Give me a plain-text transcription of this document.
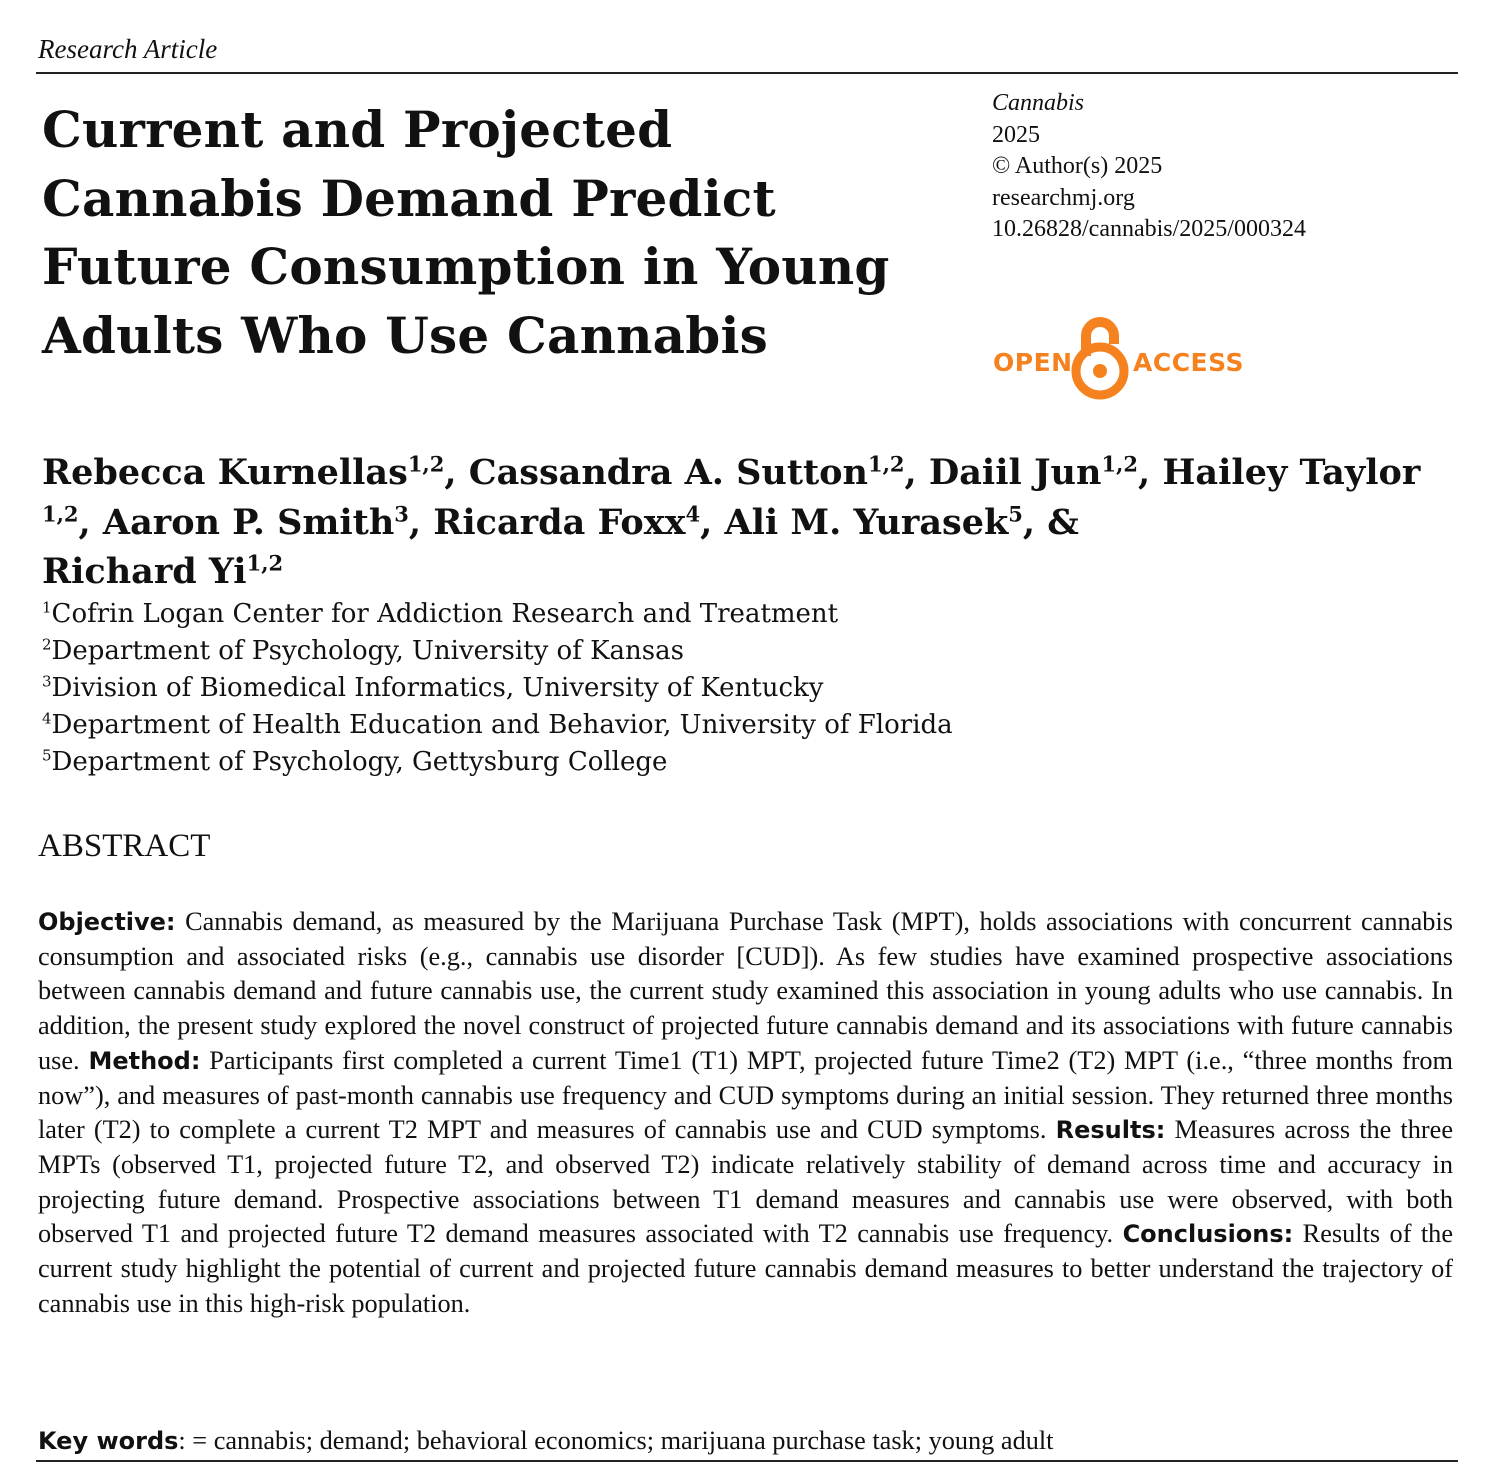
Research Article
Current and Projected
Cannabis Demand Predict
Future Consumption in Young
Adults Who Use Cannabis
Cannabis
2025
© Author(s) 2025
researchmj.org
10.26828/cannabis/2025/000324
OPEN ACCESS
Rebecca Kurnellas$^{1,2}$, Cassandra A. Sutton$^{1,2}$, Daiil Jun$^{1,2}$, Hailey Taylor $^{1,2}$, Aaron P. Smith$^3$, Ricarda Foxx$^4$, Ali M. Yurasek$^5$, &
Richard Yi$^{1,2}$
$^1$Cofrin Logan Center for Addiction Research and Treatment
$^2$Department of Psychology, University of Kansas
$^3$Division of Biomedical Informatics, University of Kentucky
$^4$Department of Health Education and Behavior, University of Florida
$^5$Department of Psychology, Gettysburg College
ABSTRACT
Objective: Cannabis demand, as measured by the Marijuana Purchase Task (MPT), holds associations with concurrent cannabis consumption and associated risks (e.g., cannabis use disorder [CUD]). As few studies have examined prospective associations between cannabis demand and future cannabis use, the current study examined this association in young adults who use cannabis. In addition, the present study explored the novel construct of projected future cannabis demand and its associations with future cannabis use. Method: Participants first completed a current Time1 (T1) MPT, projected future Time2 (T2) MPT (i.e., “three months from now”), and measures of past-month cannabis use frequency and CUD symptoms during an initial session. They returned three months later (T2) to complete a current T2 MPT and measures of cannabis use and CUD symptoms. Results: Measures across the three MPTs (observed T1, projected future T2, and observed T2) indicate relatively stability of demand across time and accuracy in projecting future demand. Prospective associations between T1 demand measures and cannabis use were observed, with both observed T1 and projected future T2 demand measures associated with T2 cannabis use frequency. Conclusions: Results of the current study highlight the potential of current and projected future cannabis demand measures to better understand the trajectory of cannabis use in this high-risk population.
Key words: = cannabis; demand; behavioral economics; marijuana purchase task; young adult
